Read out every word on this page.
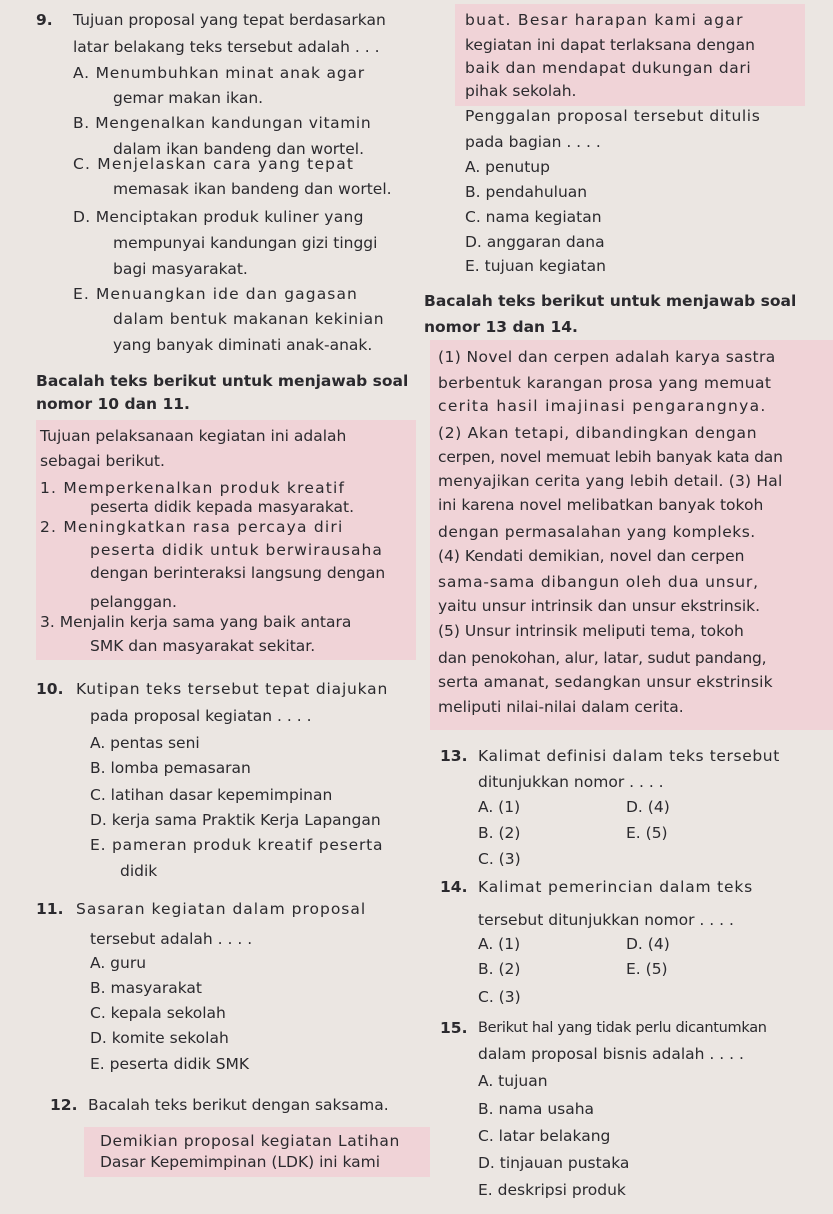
9. Tujuan proposal yang tepat berdasarkan
latar belakang teks tersebut adalah . . .
A. Menumbuhkan minat anak agar
gemar makan ikan.
B. Mengenalkan kandungan vitamin
dalam ikan bandeng dan wortel.
C. Menjelaskan cara yang tepat
memasak ikan bandeng dan wortel.
D. Menciptakan produk kuliner yang
mempunyai kandungan gizi tinggi
bagi masyarakat.
E. Menuangkan ide dan gagasan
dalam bentuk makanan kekinian
yang banyak diminati anak-anak.
Bacalah teks berikut untuk menjawab soal
nomor 10 dan 11.
Tujuan pelaksanaan kegiatan ini adalah
sebagai berikut.
1. Memperkenalkan produk kreatif
peserta didik kepada masyarakat.
2. Meningkatkan rasa percaya diri
peserta didik untuk berwirausaha
dengan berinteraksi langsung dengan
pelanggan.
3. Menjalin kerja sama yang baik antara
SMK dan masyarakat sekitar.
10. Kutipan teks tersebut tepat diajukan
pada proposal kegiatan . . . .
A. pentas seni
B. lomba pemasaran
C. latihan dasar kepemimpinan
D. kerja sama Praktik Kerja Lapangan
E. pameran produk kreatif peserta
didik
11. Sasaran kegiatan dalam proposal
tersebut adalah . . . .
A. guru
B. masyarakat
C. kepala sekolah
D. komite sekolah
E. peserta didik SMK
12. Bacalah teks berikut dengan saksama.
Demikian proposal kegiatan Latihan
Dasar Kepemimpinan (LDK) ini kami
buat. Besar harapan kami agar
kegiatan ini dapat terlaksana dengan
baik dan mendapat dukungan dari
pihak sekolah.
Penggalan proposal tersebut ditulis
pada bagian . . . .
A. penutup
B. pendahuluan
C. nama kegiatan
D. anggaran dana
E. tujuan kegiatan
Bacalah teks berikut untuk menjawab soal
nomor 13 dan 14.
(1) Novel dan cerpen adalah karya sastra
berbentuk karangan prosa yang memuat
cerita hasil imajinasi pengarangnya.
(2) Akan tetapi, dibandingkan dengan
cerpen, novel memuat lebih banyak kata dan
menyajikan cerita yang lebih detail. (3) Hal
ini karena novel melibatkan banyak tokoh
dengan permasalahan yang kompleks.
(4) Kendati demikian, novel dan cerpen
sama-sama dibangun oleh dua unsur,
yaitu unsur intrinsik dan unsur ekstrinsik.
(5) Unsur intrinsik meliputi tema, tokoh
dan penokohan, alur, latar, sudut pandang,
serta amanat, sedangkan unsur ekstrinsik
meliputi nilai-nilai dalam cerita.
13. Kalimat definisi dalam teks tersebut
ditunjukkan nomor . . . .
A. (1)	D. (4)
B. (2)	E. (5)
C. (3)
14. Kalimat pemerincian dalam teks
tersebut ditunjukkan nomor . . . .
A. (1)	D. (4)
B. (2)	E. (5)
C. (3)
15. Berikut hal yang tidak perlu dicantumkan
dalam proposal bisnis adalah . . . .
A. tujuan
B. nama usaha
C. latar belakang
D. tinjauan pustaka
E. deskripsi produk
